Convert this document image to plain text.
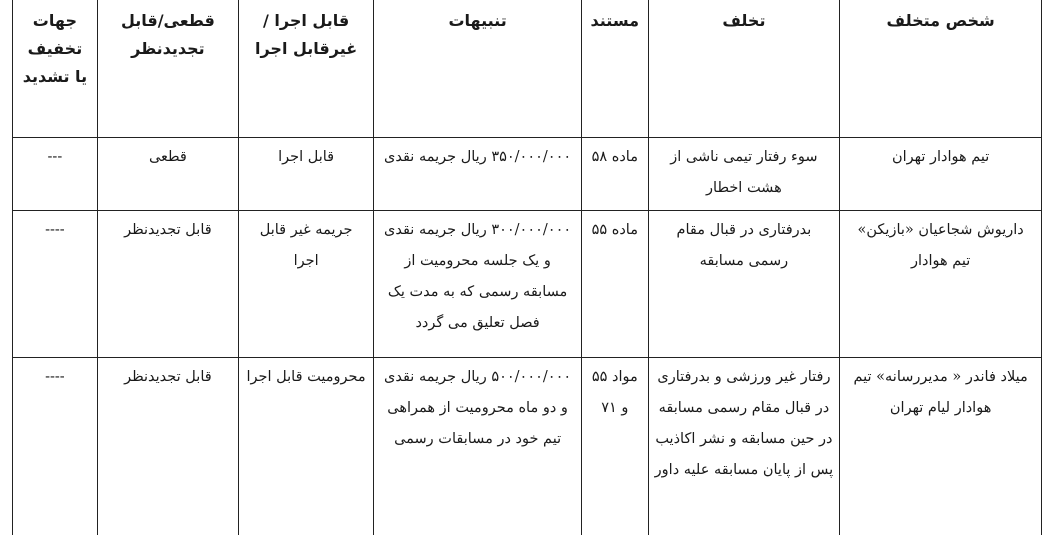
شخص متخلف	تخلف	مستند	تنبیهات	قابل اجرا /غیرقابل اجرا	قطعی/قابل تجدیدنظر	جهات تخفیف یا تشدید
تیم هوادار تهران	سوء رفتار تیمی ناشی از هشت اخطار	ماده ۵۸	۳۵۰/۰۰۰/۰۰۰ ریال جریمه نقدی	قابل اجرا	قطعی	---
داریوش شجاعیان «بازیکن» تیم هوادار	بدرفتاری در قبال مقام رسمی مسابقه	ماده ۵۵	۳۰۰/۰۰۰/۰۰۰ ریال جریمه نقدی و یک جلسه محرومیت از مسابقه رسمی که به مدت یک فصل تعلیق می گردد	جریمه غیر قابل اجرا	قابل تجدیدنظر	----
میلاد فاندر « مدیررسانه» تیم هوادار لیام تهران	رفتار غیر ورزشی و بدرفتاری در قبال مقام رسمی مسابقه در حین مسابقه و نشر اکاذیب پس از پایان مسابقه علیه داور	مواد ۵۵ و ۷۱	۵۰۰/۰۰۰/۰۰۰ ریال جریمه نقدی و دو ماه محرومیت از همراهی تیم خود در مسابقات رسمی	محرومیت قابل اجرا	قابل تجدیدنظر	----
